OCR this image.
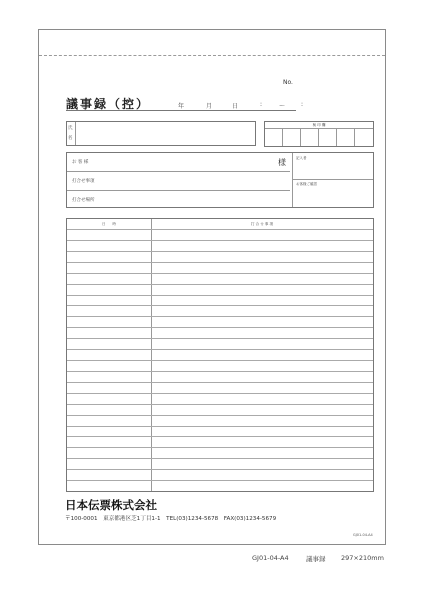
No.
議事録（控）	年	月	日	:	～	:
氏
名
検 印 欄
お 客 様	様
打合せ事項
打合せ場所
記入者
お客様ご確認
日　　時	打 合 せ 事 項
日本伝票株式会社
〒100-0001　東京都港区芝1丁目1-1　TEL(03)1234-5678　FAX(03)1234-5679
GJ01-04-A4
GJ01-04-A4	議事録 297×210mm
